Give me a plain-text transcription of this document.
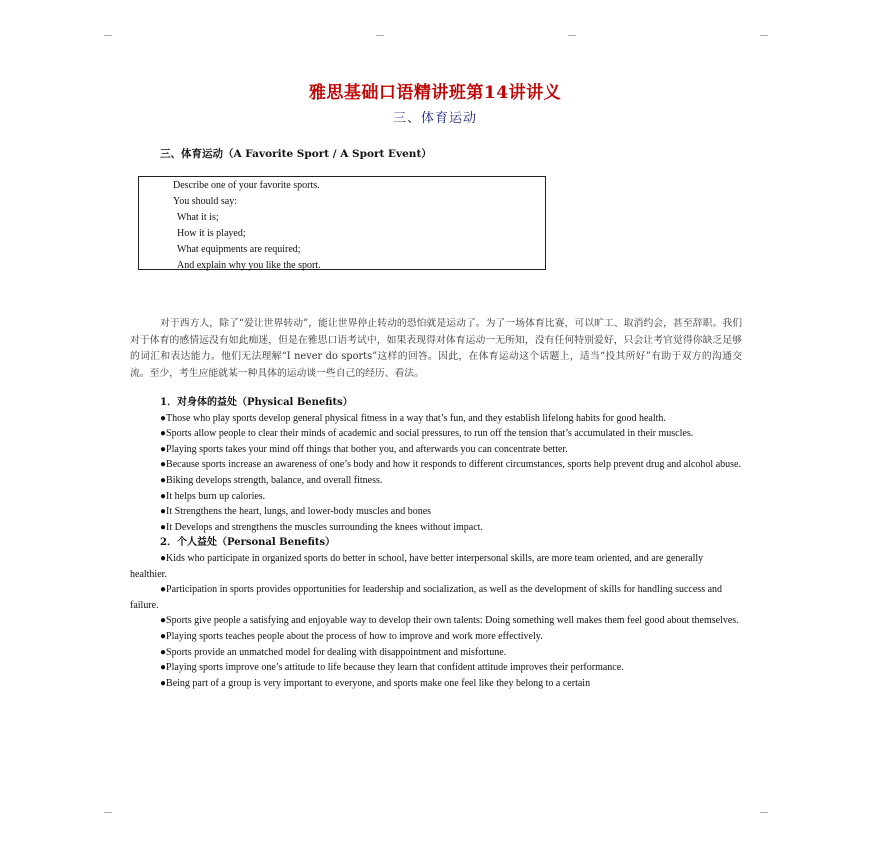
雅思基础口语精讲班第14讲讲义
三、体育运动
三、体育运动（A Favorite Sport / A Sport Event）
Describe one of your favorite sports.
You should say:
What it is;
How it is played;
What equipments are required;
And explain why you like the sport.
对于西方人，除了“爱让世界转动”，能让世界停止转动的恐怕就是运动了。为了一场体育比赛，可以旷工、取消约会，甚至辞职。我们对于体育的感情远没有如此痴迷，但是在雅思口语考试中，如果表现得对体育运动一无所知，没有任何特别爱好，只会让考官觉得你缺乏足够的词汇和表达能力。他们无法理解“I never do sports”这样的回答。因此，在体育运动这个话题上，适当“投其所好”有助于双方的沟通交流。至少，考生应能就某一种具体的运动谈一些自己的经历、看法。
1．对身体的益处（Physical Benefits）
●Those who play sports develop general physical fitness in a way that’s fun, and they establish lifelong habits for good health.
●Sports allow people to clear their minds of academic and social pressures, to run off the tension that’s accumulated in their muscles.
●Playing sports takes your mind off things that bother you, and afterwards you can concentrate better.
●Because sports increase an awareness of one’s body and how it responds to different circumstances, sports help prevent drug and alcohol abuse.
●Biking develops strength, balance, and overall fitness.
●It helps burn up calories.
●It Strengthens the heart, lungs, and lower-body muscles and bones
●It Develops and strengthens the muscles surrounding the knees without impact.
2．个人益处（Personal Benefits）
●Kids who participate in organized sports do better in school, have better interpersonal skills, are more team oriented, and are generally healthier.
●Participation in sports provides opportunities for leadership and socialization, as well as the development of skills for handling success and failure.
●Sports give people a satisfying and enjoyable way to develop their own talents: Doing something well makes them feel good about themselves.
●Playing sports teaches people about the process of how to improve and work more effectively.
●Sports provide an unmatched model for dealing with disappointment and misfortune.
●Playing sports improve one’s attitude to life because they learn that confident attitude improves their performance.
●Being part of a group is very important to everyone, and sports make one feel like they belong to a certain
